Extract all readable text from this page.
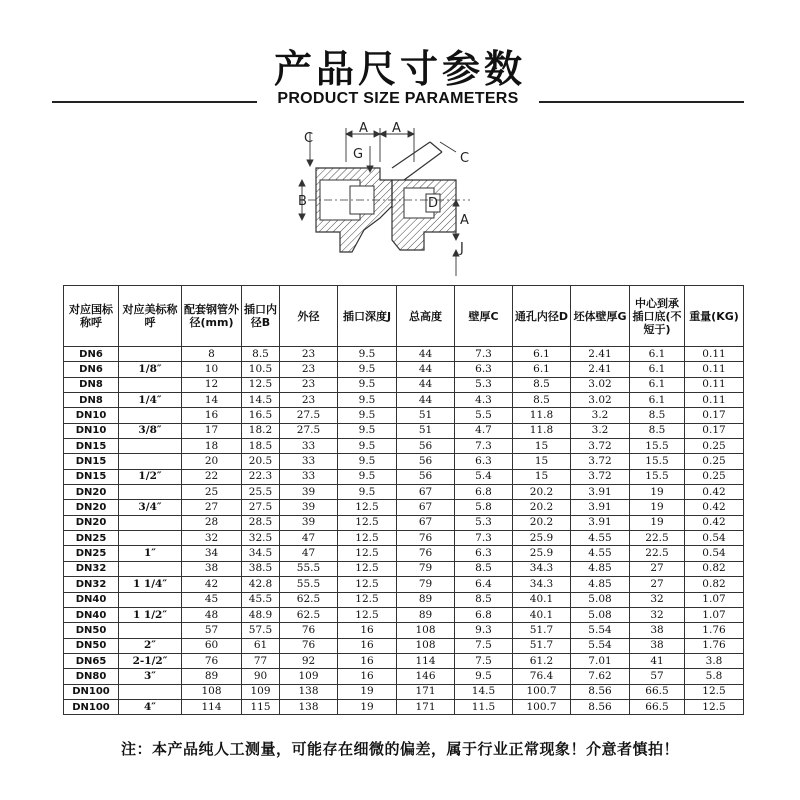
产品尺寸参数
PRODUCT SIZE PARAMETERS
C
A A
C
G
B	D
A
J
对应国标称呼	对应美标称呼	配套钢管外径(mm)	插口内径B	外径	插口深度J	总高度	壁厚C	通孔内径D	坯体壁厚G	中心到承插口底(不短于)	重量(KG)
DN6		8	8.5	23	9.5	44	7.3	6.1	2.41	6.1	0.11
DN6	1/8″	10	10.5	23	9.5	44	6.3	6.1	2.41	6.1	0.11
DN8		12	12.5	23	9.5	44	5.3	8.5	3.02	6.1	0.11
DN8	1/4″	14	14.5	23	9.5	44	4.3	8.5	3.02	6.1	0.11
DN10		16	16.5	27.5	9.5	51	5.5	11.8	3.2	8.5	0.17
DN10	3/8″	17	18.2	27.5	9.5	51	4.7	11.8	3.2	8.5	0.17
DN15		18	18.5	33	9.5	56	7.3	15	3.72	15.5	0.25
DN15		20	20.5	33	9.5	56	6.3	15	3.72	15.5	0.25
DN15	1/2″	22	22.3	33	9.5	56	5.4	15	3.72	15.5	0.25
DN20		25	25.5	39	9.5	67	6.8	20.2	3.91	19	0.42
DN20	3/4″	27	27.5	39	12.5	67	5.8	20.2	3.91	19	0.42
DN20		28	28.5	39	12.5	67	5.3	20.2	3.91	19	0.42
DN25		32	32.5	47	12.5	76	7.3	25.9	4.55	22.5	0.54
DN25	1″	34	34.5	47	12.5	76	6.3	25.9	4.55	22.5	0.54
DN32		38	38.5	55.5	12.5	79	8.5	34.3	4.85	27	0.82
DN32	1 1/4″	42	42.8	55.5	12.5	79	6.4	34.3	4.85	27	0.82
DN40		45	45.5	62.5	12.5	89	8.5	40.1	5.08	32	1.07
DN40	1 1/2″	48	48.9	62.5	12.5	89	6.8	40.1	5.08	32	1.07
DN50		57	57.5	76	16	108	9.3	51.7	5.54	38	1.76
DN50	2″	60	61	76	16	108	7.5	51.7	5.54	38	1.76
DN65	2-1/2″	76	77	92	16	114	7.5	61.2	7.01	41	3.8
DN80	3″	89	90	109	16	146	9.5	76.4	7.62	57	5.8
DN100		108	109	138	19	171	14.5	100.7	8.56	66.5	12.5
DN100	4″	114	115	138	19	171	11.5	100.7	8.56	66.5	12.5
注：本产品纯人工测量，可能存在细微的偏差，属于行业正常现象！介意者慎拍！
